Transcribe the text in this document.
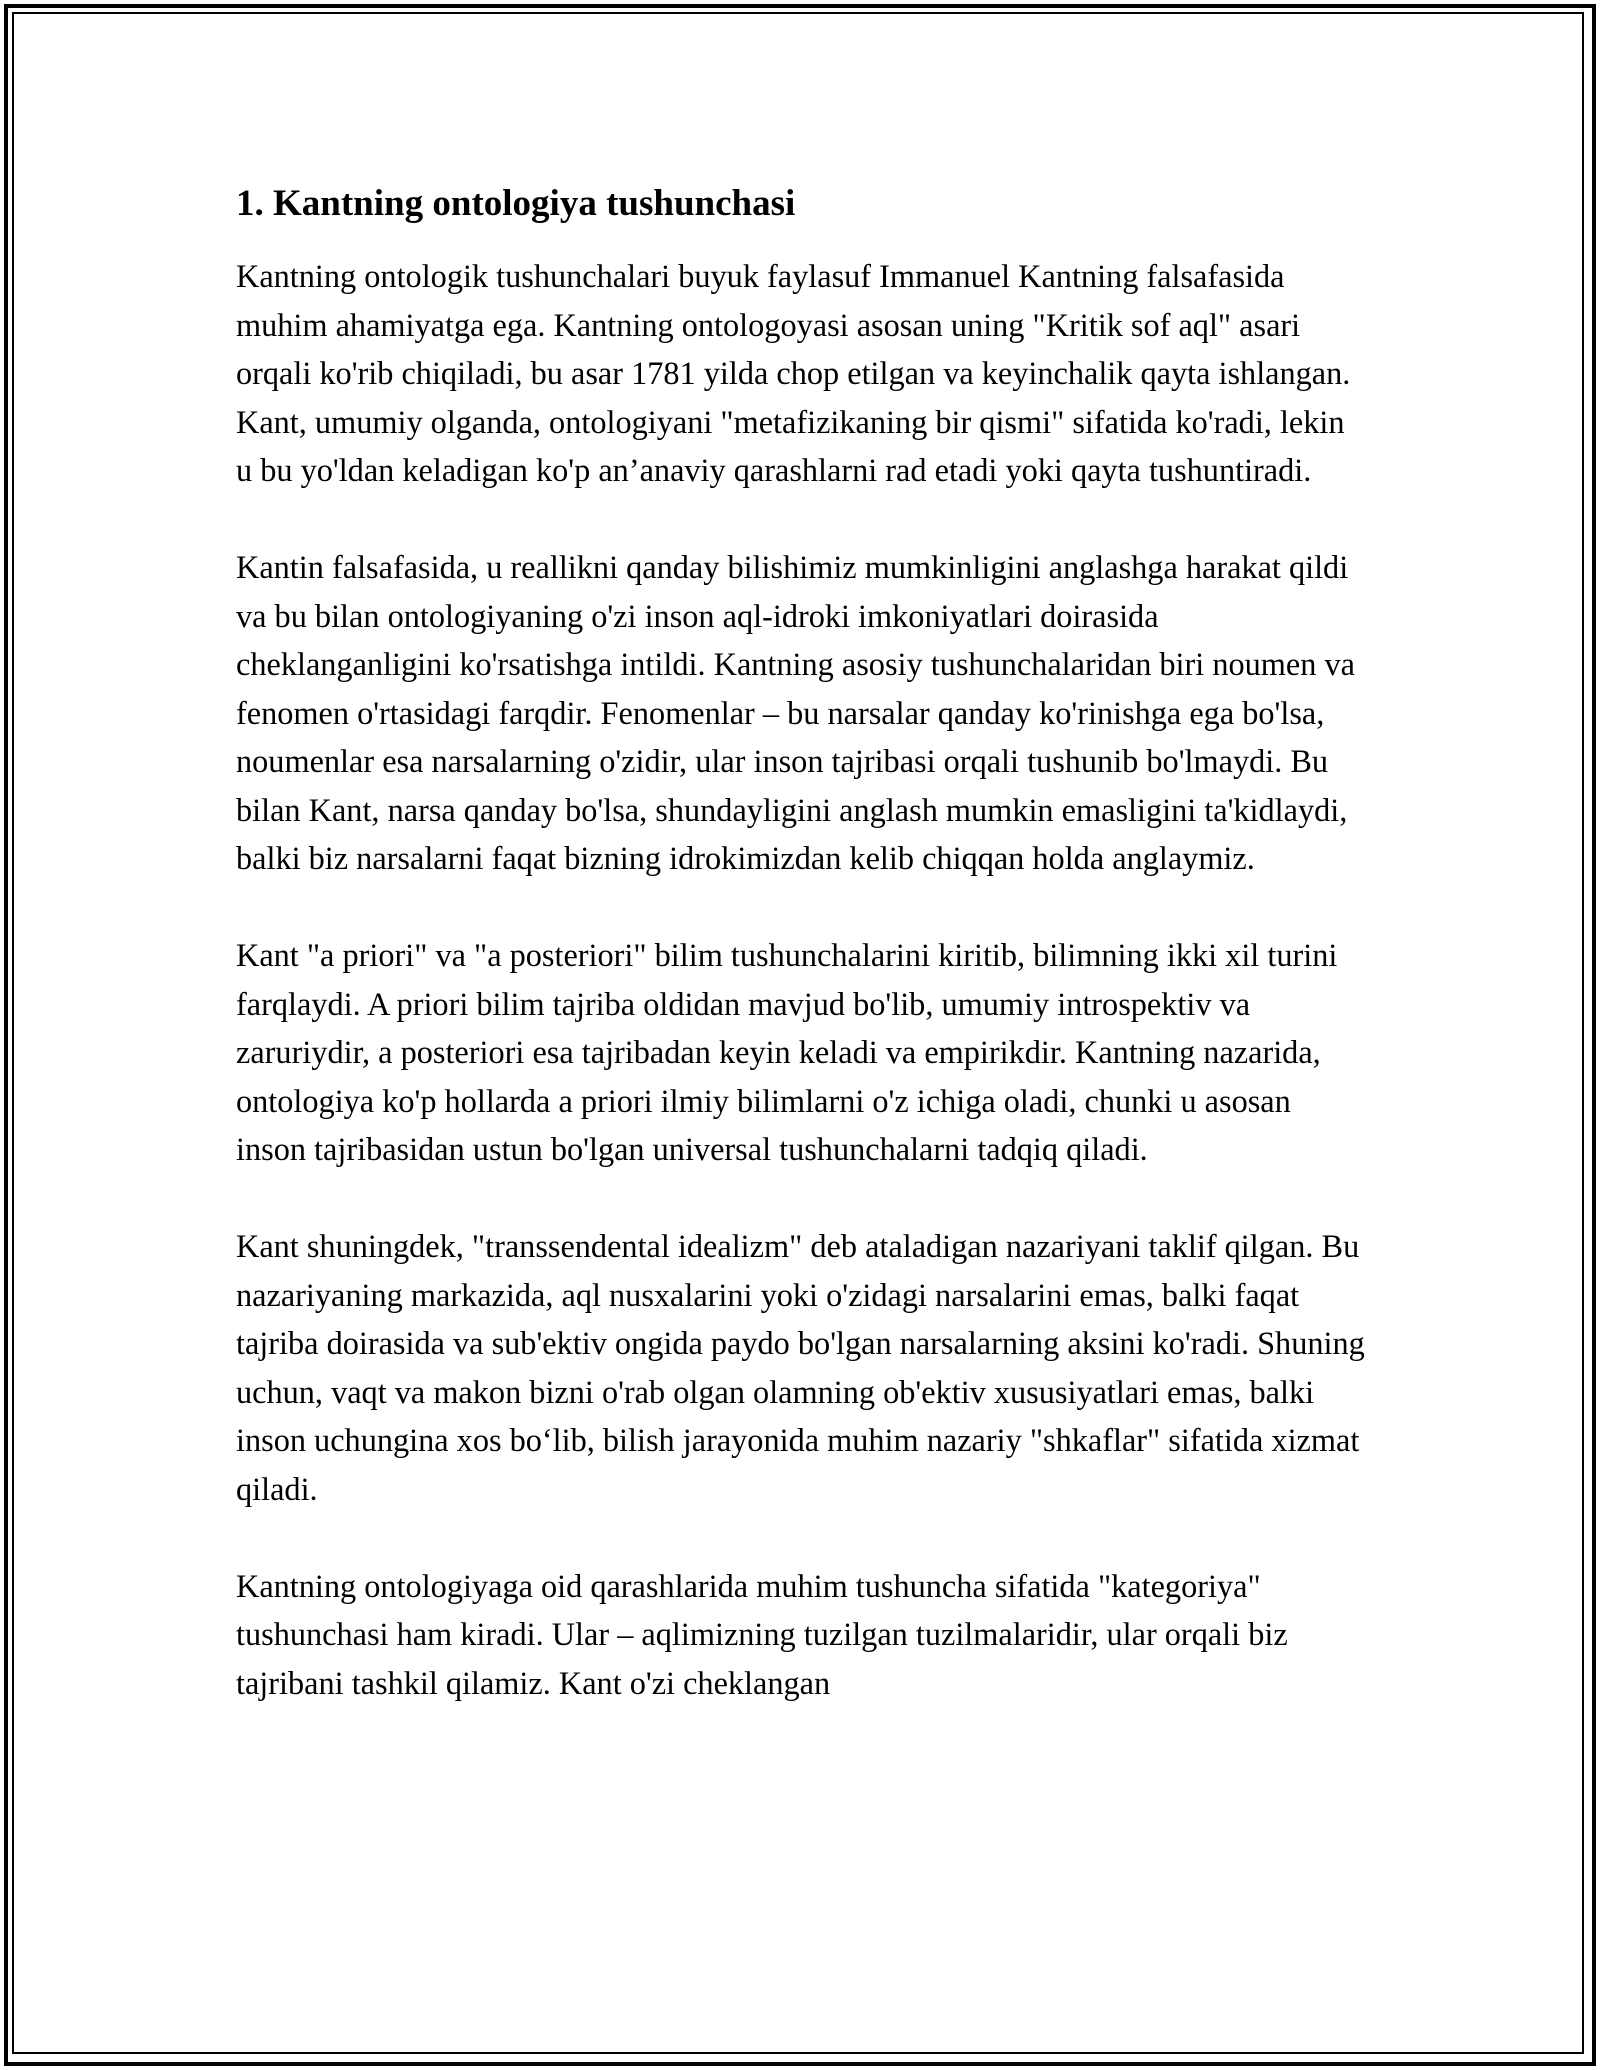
1. Kantning ontologiya tushunchasi

Kantning ontologik tushunchalari buyuk faylasuf Immanuel Kantning falsafasida muhim ahamiyatga ega. Kantning ontologoyasi asosan uning "Kritik sof aql" asari orqali ko'rib chiqiladi, bu asar 1781 yilda chop etilgan va keyinchalik qayta ishlangan. Kant, umumiy olganda, ontologiyani "metafizikaning bir qismi" sifatida ko'radi, lekin u bu yo'ldan keladigan ko'p an’anaviy qarashlarni rad etadi yoki qayta tushuntiradi.

Kantin falsafasida, u reallikni qanday bilishimiz mumkinligini anglashga harakat qildi va bu bilan ontologiyaning o'zi inson aql-idroki imkoniyatlari doirasida cheklanganligini ko'rsatishga intildi. Kantning asosiy tushunchalaridan biri noumen va fenomen o'rtasidagi farqdir. Fenomenlar – bu narsalar qanday ko'rinishga ega bo'lsa, noumenlar esa narsalarning o'zidir, ular inson tajribasi orqali tushunib bo'lmaydi. Bu bilan Kant, narsa qanday bo'lsa, shundayligini anglash mumkin emasligini ta'kidlaydi, balki biz narsalarni faqat bizning idrokimizdan kelib chiqqan holda anglaymiz.

Kant "a priori" va "a posteriori" bilim tushunchalarini kiritib, bilimning ikki xil turini farqlaydi. A priori bilim tajriba oldidan mavjud bo'lib, umumiy introspektiv va zaruriydir, a posteriori esa tajribadan keyin keladi va empirikdir. Kantning nazarida, ontologiya ko'p hollarda a priori ilmiy bilimlarni o'z ichiga oladi, chunki u asosan inson tajribasidan ustun bo'lgan universal tushunchalarni tadqiq qiladi.

Kant shuningdek, "transsendental idealizm" deb ataladigan nazariyani taklif qilgan. Bu nazariyaning markazida, aql nusxalarini yoki o'zidagi narsalarini emas, balki faqat tajriba doirasida va sub'ektiv ongida paydo bo'lgan narsalarning aksini ko'radi. Shuning uchun, vaqt va makon bizni o'rab olgan olamning ob'ektiv xususiyatlari emas, balki inson uchungina xos bo‘lib, bilish jarayonida muhim nazariy "shkaflar" sifatida xizmat qiladi.

Kantning ontologiyaga oid qarashlarida muhim tushuncha sifatida "kategoriya" tushunchasi ham kiradi. Ular – aqlimizning tuzilgan tuzilmalaridir, ular orqali biz tajribani tashkil qilamiz. Kant o'zi cheklangan
